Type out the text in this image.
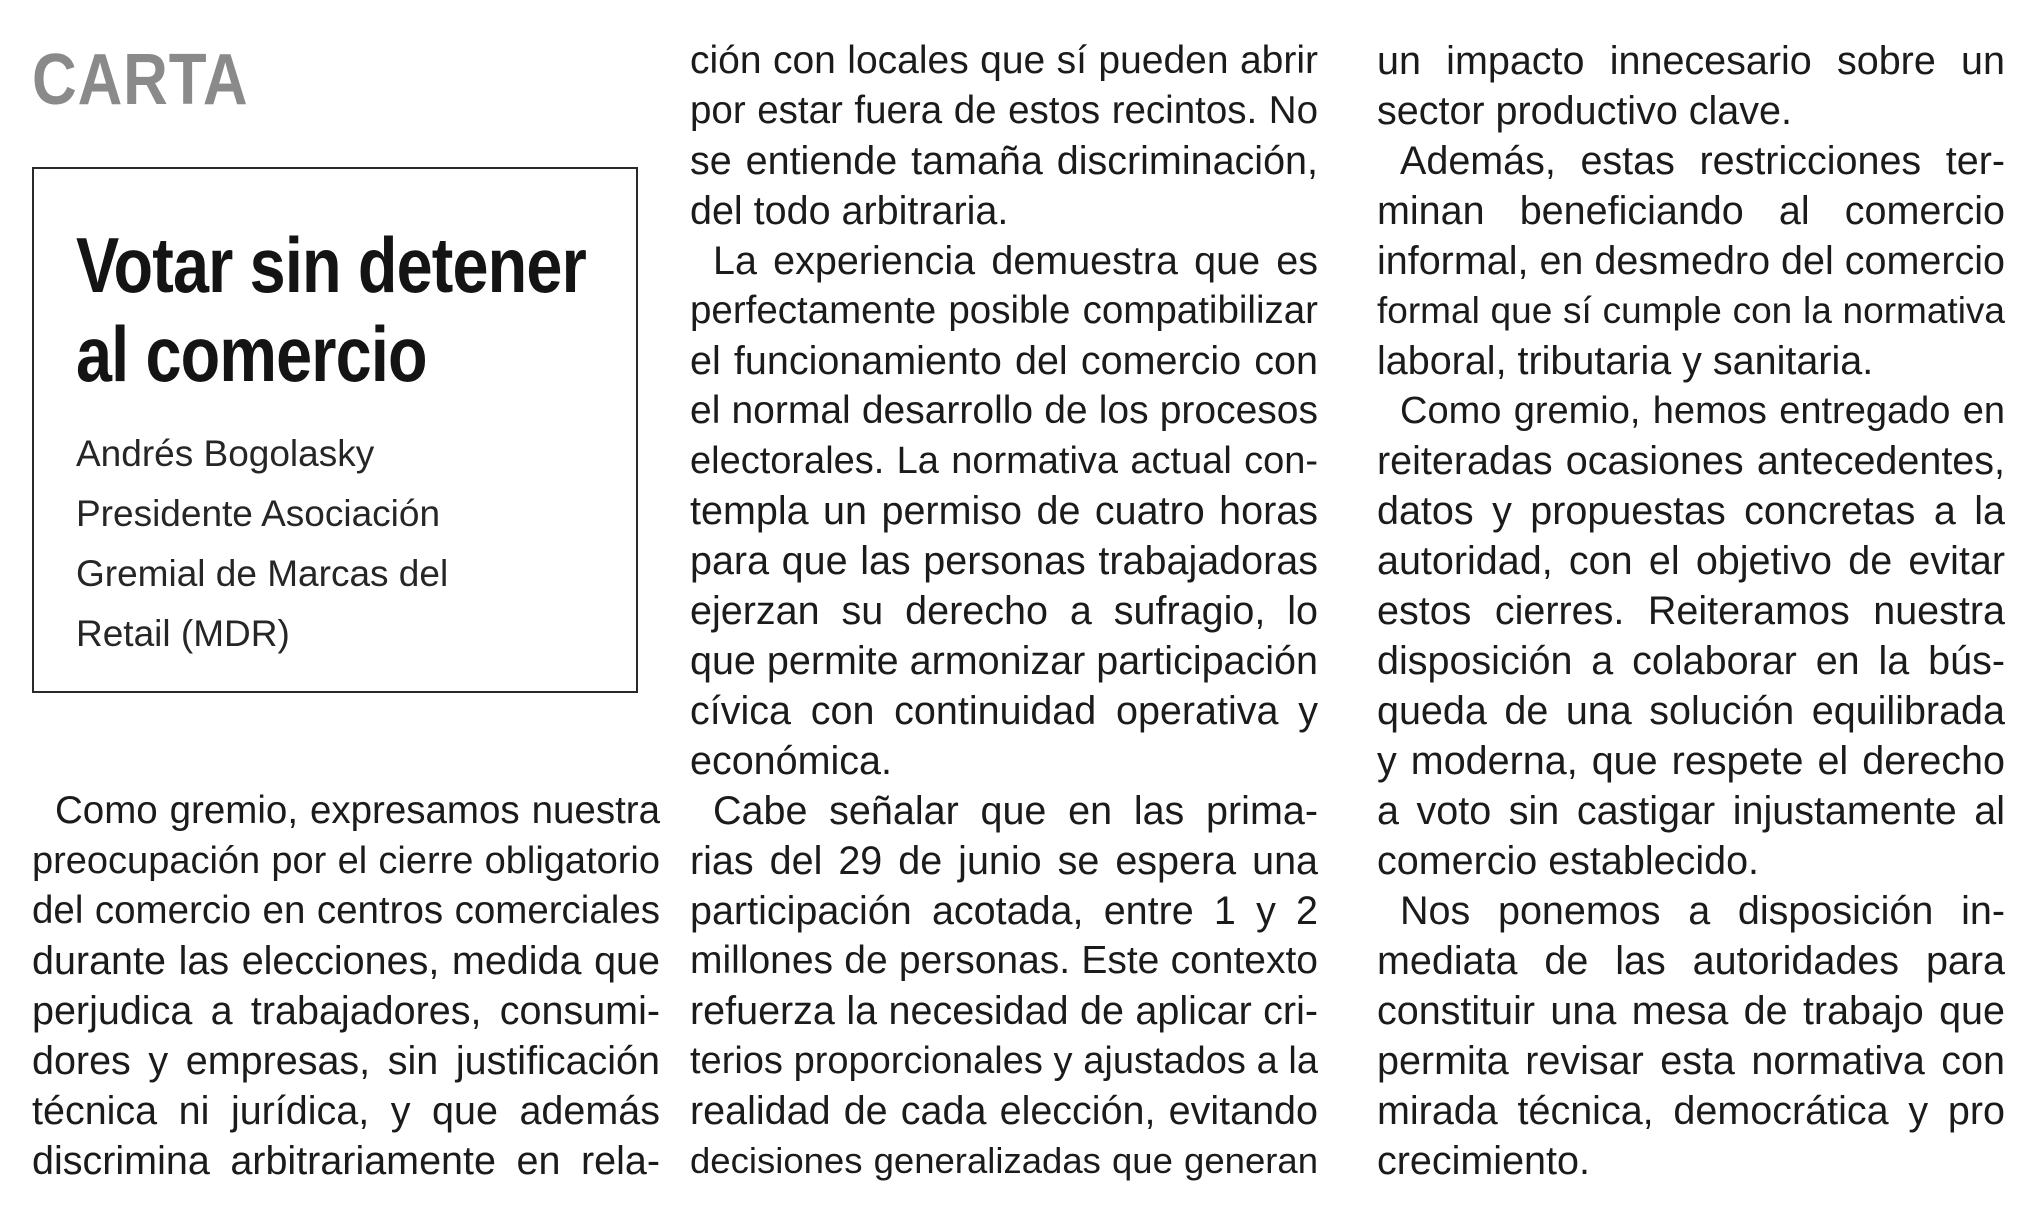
CARTA
Votar sin detener
al comercio
Andrés Bogolasky
Presidente Asociación
Gremial de Marcas del
Retail (MDR)
Como gremio, expresamos nuestra
preocupación por el cierre obligatorio
del comercio en centros comerciales
durante las elecciones, medida que
perjudica a trabajadores, consumi-
dores y empresas, sin justificación
técnica ni jurídica, y que además
discrimina arbitrariamente en rela-
ción con locales que sí pueden abrir
por estar fuera de estos recintos. No
se entiende tamaña discriminación,
del todo arbitraria.
La experiencia demuestra que es
perfectamente posible compatibilizar
el funcionamiento del comercio con
el normal desarrollo de los procesos
electorales. La normativa actual con-
templa un permiso de cuatro horas
para que las personas trabajadoras
ejerzan su derecho a sufragio, lo
que permite armonizar participación
cívica con continuidad operativa y
económica.
Cabe señalar que en las prima-
rias del 29 de junio se espera una
participación acotada, entre 1 y 2
millones de personas. Este contexto
refuerza la necesidad de aplicar cri-
terios proporcionales y ajustados a la
realidad de cada elección, evitando
decisiones generalizadas que generan
un impacto innecesario sobre un
sector productivo clave.
Además, estas restricciones ter-
minan beneficiando al comercio
informal, en desmedro del comercio
formal que sí cumple con la normativa
laboral, tributaria y sanitaria.
Como gremio, hemos entregado en
reiteradas ocasiones antecedentes,
datos y propuestas concretas a la
autoridad, con el objetivo de evitar
estos cierres. Reiteramos nuestra
disposición a colaborar en la bús-
queda de una solución equilibrada
y moderna, que respete el derecho
a voto sin castigar injustamente al
comercio establecido.
Nos ponemos a disposición in-
mediata de las autoridades para
constituir una mesa de trabajo que
permita revisar esta normativa con
mirada técnica, democrática y pro
crecimiento.
